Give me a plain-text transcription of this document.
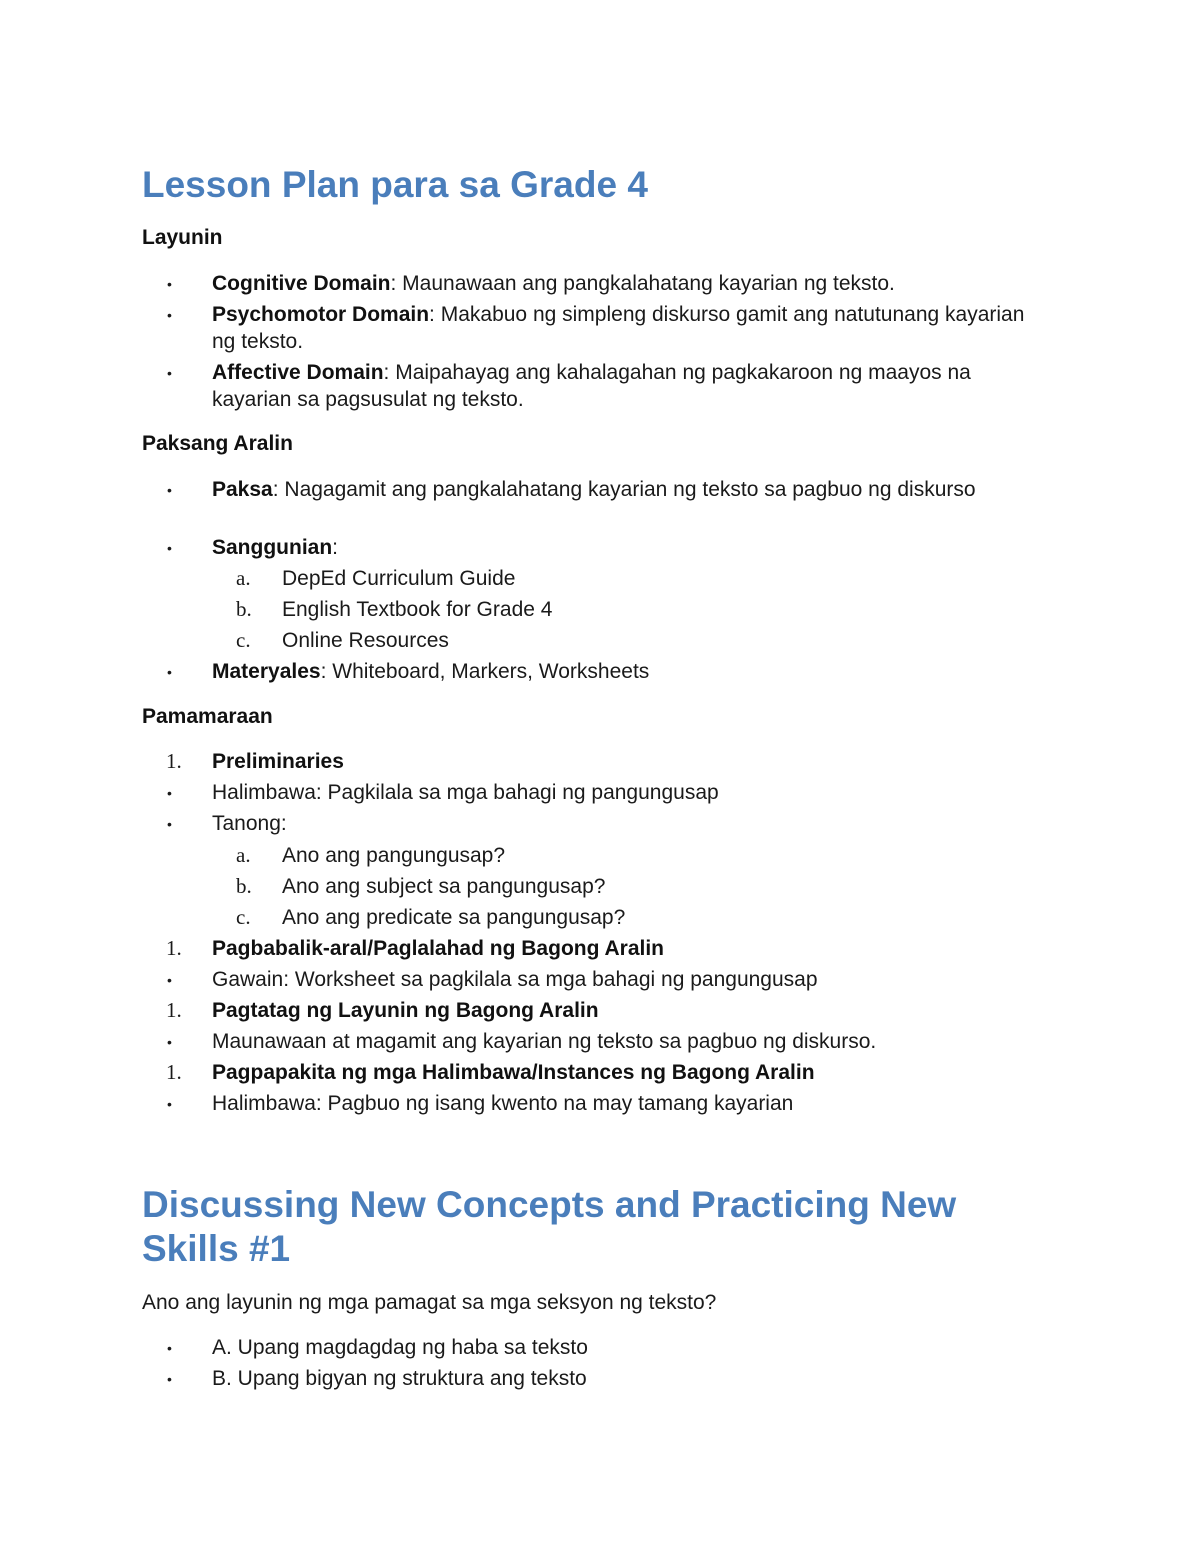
Lesson Plan para sa Grade 4
Layunin
•	Cognitive Domain: Maunawaan ang pangkalahatang kayarian ng teksto.
•	Psychomotor Domain: Makabuo ng simpleng diskurso gamit ang natutunang kayarian ng teksto.
•	Affective Domain: Maipahayag ang kahalagahan ng pagkakaroon ng maayos na kayarian sa pagsusulat ng teksto.
Paksang Aralin
•	Paksa: Nagagamit ang pangkalahatang kayarian ng teksto sa pagbuo ng diskurso
•	Sanggunian:
a. DepEd Curriculum Guide
b. English Textbook for Grade 4
c. Online Resources
•	Materyales: Whiteboard, Markers, Worksheets
Pamamaraan
1. Preliminaries
•	Halimbawa: Pagkilala sa mga bahagi ng pangungusap
•	Tanong:
a. Ano ang pangungusap?
b. Ano ang subject sa pangungusap?
c. Ano ang predicate sa pangungusap?
1. Pagbabalik-aral/Paglalahad ng Bagong Aralin
•	Gawain: Worksheet sa pagkilala sa mga bahagi ng pangungusap
1. Pagtatag ng Layunin ng Bagong Aralin
•	Maunawaan at magamit ang kayarian ng teksto sa pagbuo ng diskurso.
1. Pagpapakita ng mga Halimbawa/Instances ng Bagong Aralin
•	Halimbawa: Pagbuo ng isang kwento na may tamang kayarian
Discussing New Concepts and Practicing New Skills #1
Ano ang layunin ng mga pamagat sa mga seksyon ng teksto?
•	A. Upang magdagdag ng haba sa teksto
•	B. Upang bigyan ng struktura ang teksto
